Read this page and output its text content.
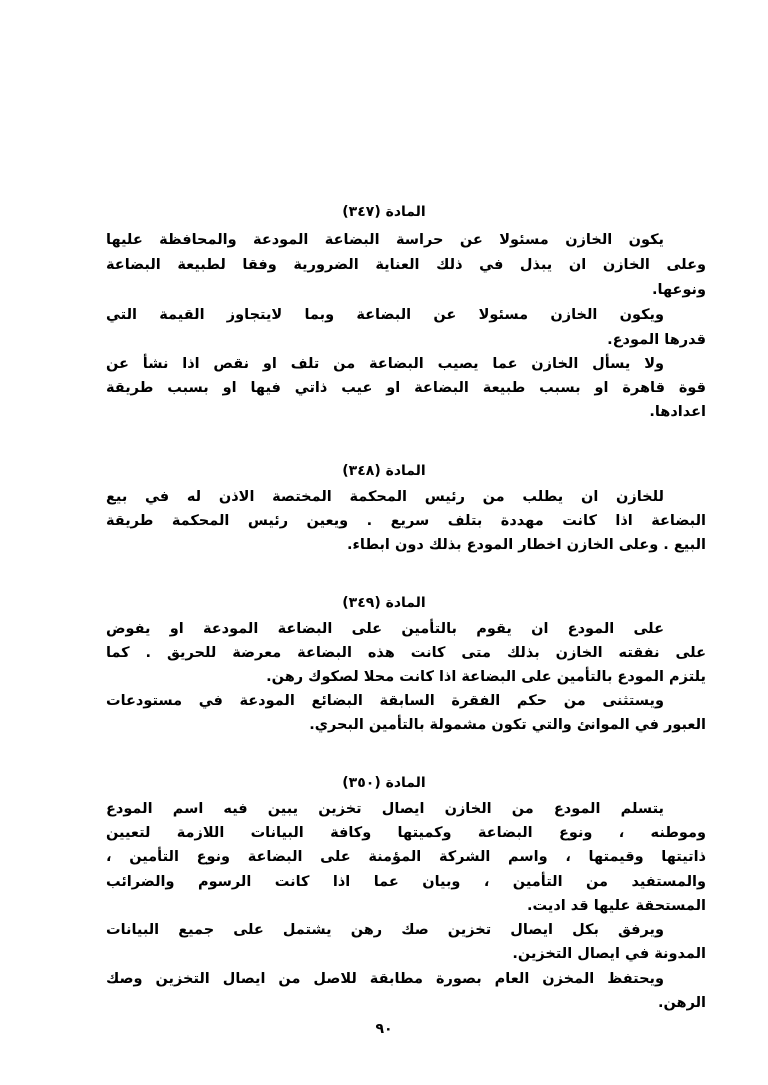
المادة (٣٤٧)
يكون الخازن مسئولا عن حراسة البضاعة المودعة والمحافظة عليها
وعلى الخازن ان يبذل في ذلك العناية الضرورية وفقا لطبيعة البضاعة
ونوعها.
ويكون الخازن مسئولا عن البضاعة وبما لايتجاوز القيمة التي
قدرها المودع.
ولا يسأل الخازن عما يصيب البضاعة من تلف او نقص اذا نشأ عن
قوة قاهرة او بسبب طبيعة البضاعة او عيب ذاتي فيها او بسبب طريقة
اعدادها.
المادة (٣٤٨)
للخازن ان يطلب من رئيس المحكمة المختصة الاذن له في بيع
البضاعة اذا كانت مهددة بتلف سريع . ويعين رئيس المحكمة طريقة
البيع . وعلى الخازن اخطار المودع بذلك دون ابطاء.
المادة (٣٤٩)
على المودع ان يقوم بالتأمين على البضاعة المودعة او يفوض
على نفقته الخازن بذلك متى كانت هذه البضاعة معرضة للحريق . كما
يلتزم المودع بالتأمين على البضاعة اذا كانت محلا لصكوك رهن.
ويستثنى من حكم الفقرة السابقة البضائع المودعة في مستودعات
العبور في الموانئ والتي تكون مشمولة بالتأمين البحري.
المادة (٣٥٠)
يتسلم المودع من الخازن ايصال تخزين يبين فيه اسم المودع
وموطنه ، ونوع البضاعة وكميتها وكافة البيانات اللازمة لتعيين
ذاتيتها وقيمتها ، واسم الشركة المؤمنة على البضاعة ونوع التأمين ،
والمستفيد من التأمين ، وبيان عما اذا كانت الرسوم والضرائب
المستحقة عليها قد اديت.
ويرفق بكل ايصال تخزين صك رهن يشتمل على جميع البيانات
المدونة في ايصال التخزين.
ويحتفظ المخزن العام بصورة مطابقة للاصل من ايصال التخزين وصك
الرهن.
٩٠
